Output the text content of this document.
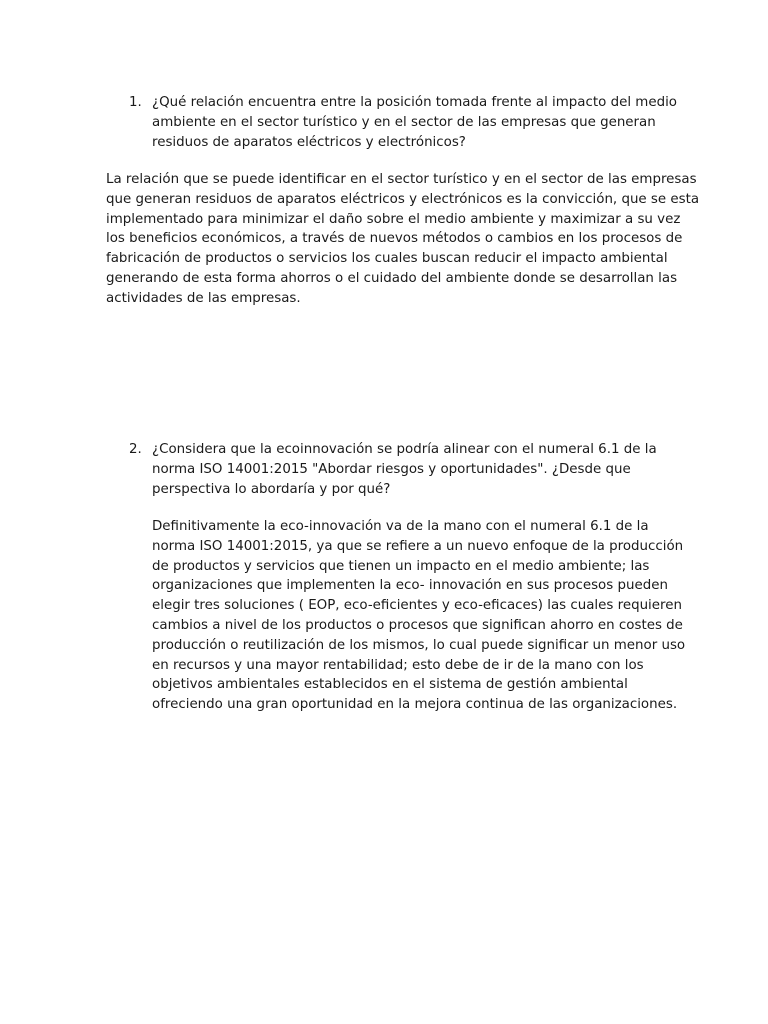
1. ¿Qué relación encuentra entre la posición tomada frente al impacto del medio
ambiente en el sector turístico y en el sector de las empresas que generan
residuos de aparatos eléctricos y electrónicos?
La relación que se puede identificar en el sector turístico y en el sector de las empresas
que generan residuos de aparatos eléctricos y electrónicos es la convicción, que se esta
implementado para minimizar el daño sobre el medio ambiente y maximizar a su vez
los beneficios económicos, a través de nuevos métodos o cambios en los procesos de
fabricación de productos o servicios los cuales buscan reducir el impacto ambiental
generando de esta forma ahorros o el cuidado del ambiente donde se desarrollan las
actividades de las empresas.
2. ¿Considera que la ecoinnovación se podría alinear con el numeral 6.1 de la
norma ISO 14001:2015 "Abordar riesgos y oportunidades". ¿Desde que
perspectiva lo abordaría y por qué?
Definitivamente la eco-innovación va de la mano con el numeral 6.1 de la
norma ISO 14001:2015, ya que se refiere a un nuevo enfoque de la producción
de productos y servicios que tienen un impacto en el medio ambiente; las
organizaciones que implementen la eco- innovación en sus procesos pueden
elegir tres soluciones ( EOP, eco-eficientes y eco-eficaces) las cuales requieren
cambios a nivel de los productos o procesos que significan ahorro en costes de
producción o reutilización de los mismos, lo cual puede significar un menor uso
en recursos y una mayor rentabilidad; esto debe de ir de la mano con los
objetivos ambientales establecidos en el sistema de gestión ambiental
ofreciendo una gran oportunidad en la mejora continua de las organizaciones.
